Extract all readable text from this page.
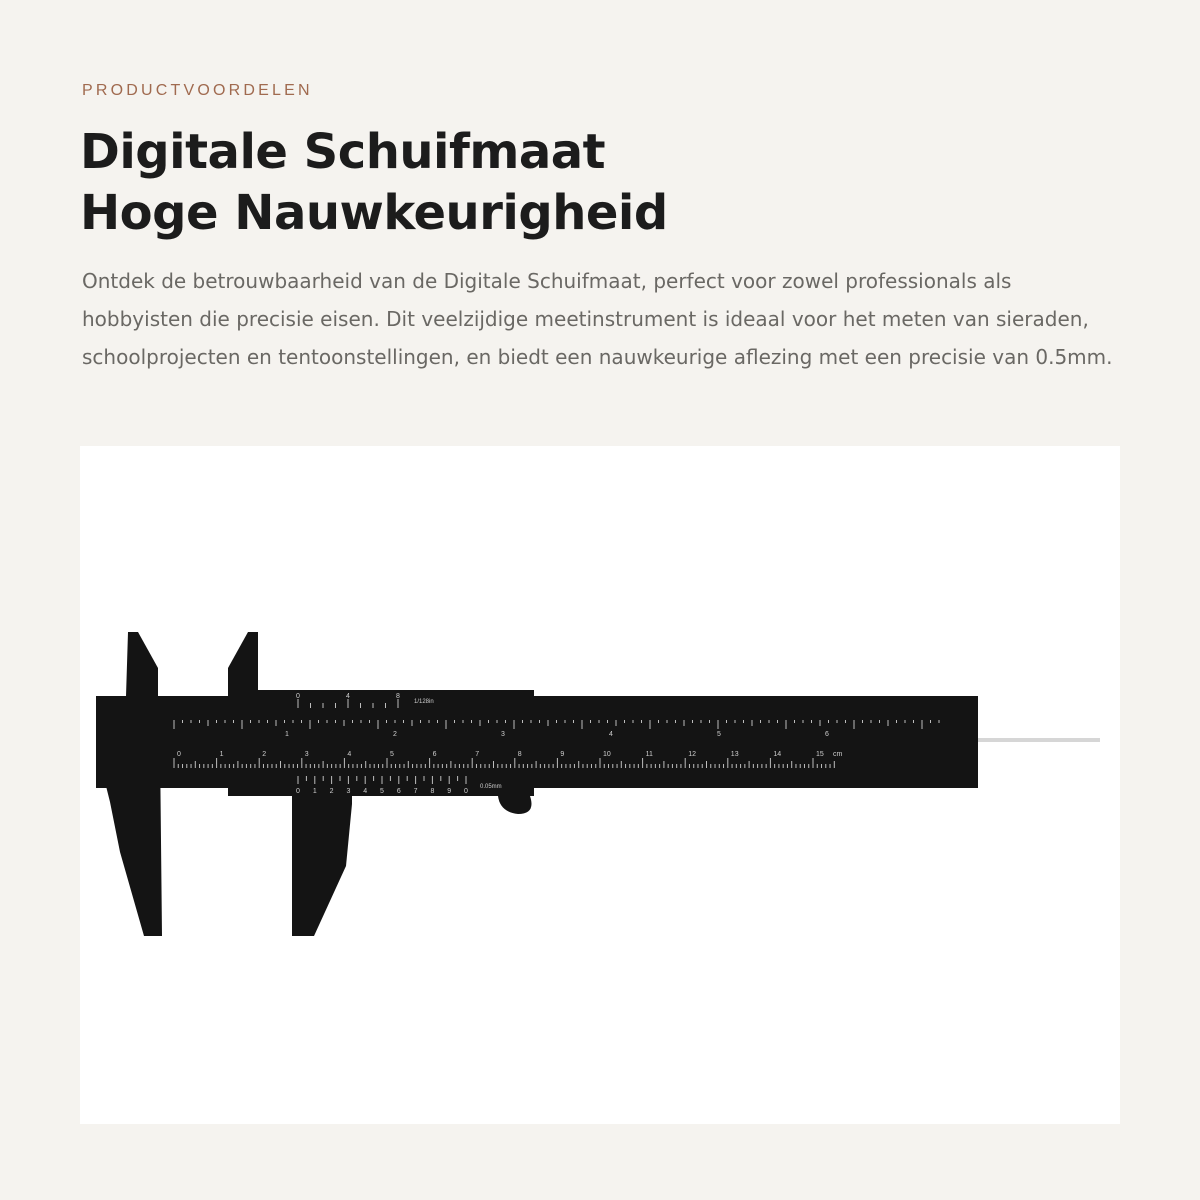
PRODUCTVOORDELEN
Digitale Schuifmaat
Hoge Nauwkeurigheid

Ontdek de betrouwbaarheid van de Digitale Schuifmaat, perfect voor zowel professionals als hobbyisten die precisie eisen. Dit veelzijdige meetinstrument is ideaal voor het meten van sieraden, schoolprojecten en tentoonstellingen, en biedt een nauwkeurige aflezing met een precisie van 0.5mm.

0	1	2	3	4	5	6	7	8	9	10	11	12	13	14	15 cm
1	2	3	4	5	6
0 1 2 3 4 5 6 7 8 9 0
0.05mm
0	4	8
1/128in
